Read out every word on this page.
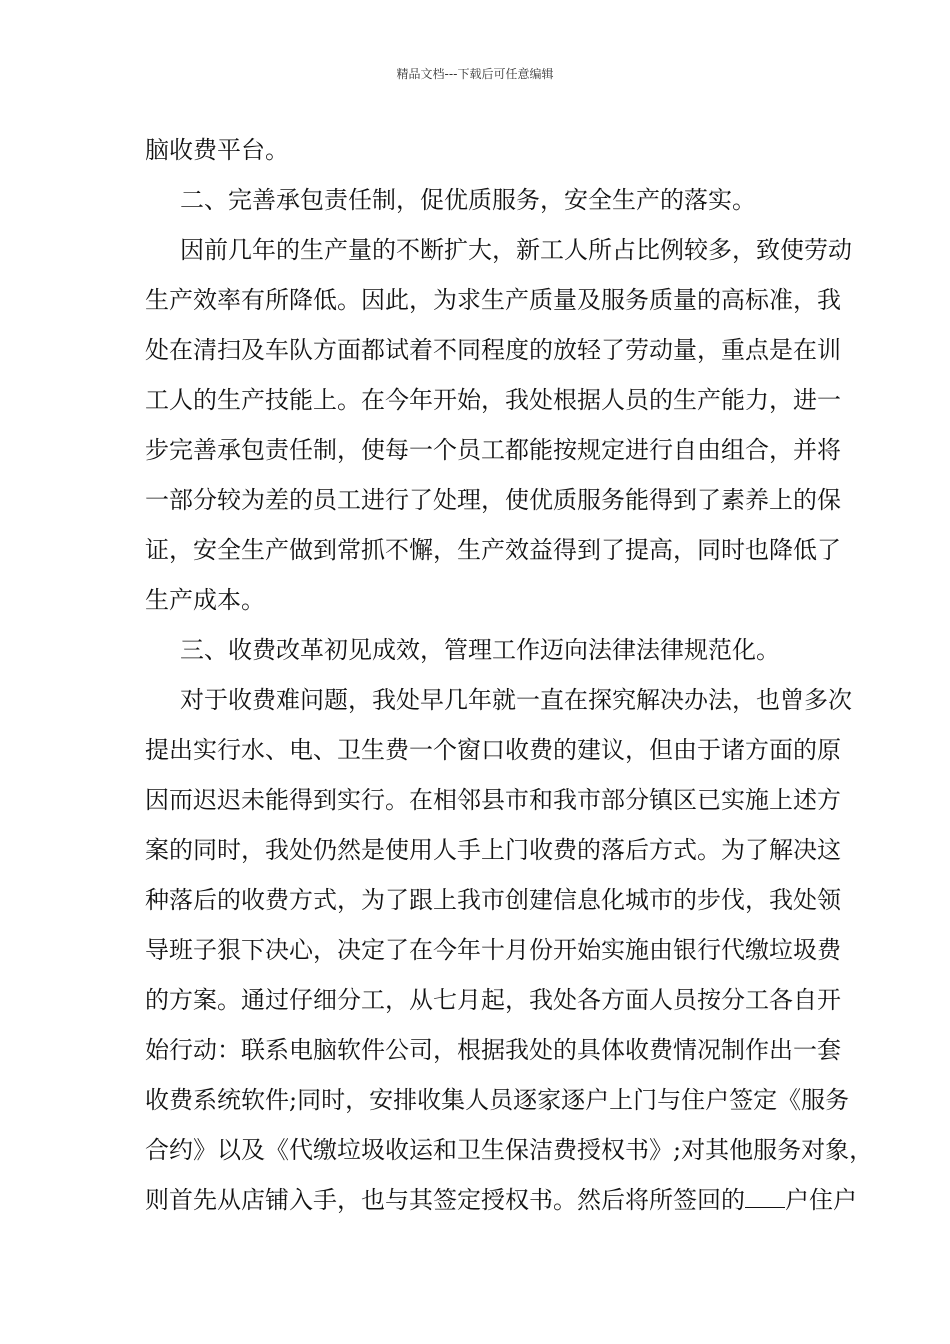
精品文档---下载后可任意编辑
脑收费平台。
二、完善承包责任制，促优质服务，安全生产的落实。
因前几年的生产量的不断扩大，新工人所占比例较多，致使劳动
生产效率有所降低。因此，为求生产质量及服务质量的高标准，我
处在清扫及车队方面都试着不同程度的放轻了劳动量，重点是在训
工人的生产技能上。在今年开始，我处根据人员的生产能力，进一
步完善承包责任制，使每一个员工都能按规定进行自由组合，并将
一部分较为差的员工进行了处理，使优质服务能得到了素养上的保
证，安全生产做到常抓不懈，生产效益得到了提高，同时也降低了
生产成本。
三、收费改革初见成效，管理工作迈向法律法律规范化。
对于收费难问题，我处早几年就一直在探究解决办法，也曾多次
提出实行水、电、卫生费一个窗口收费的建议，但由于诸方面的原
因而迟迟未能得到实行。在相邻县市和我市部分镇区已实施上述方
案的同时，我处仍然是使用人手上门收费的落后方式。为了解决这
种落后的收费方式，为了跟上我市创建信息化城市的步伐，我处领
导班子狠下决心，决定了在今年十月份开始实施由银行代缴垃圾费
的方案。通过仔细分工，从七月起，我处各方面人员按分工各自开
始行动：联系电脑软件公司，根据我处的具体收费情况制作出一套
收费系统软件;同时，安排收集人员逐家逐户上门与住户签定《服务
合约》以及《代缴垃圾收运和卫生保洁费授权书》;对其他服务对象，
则首先从店铺入手，也与其签定授权书。然后将所签回的 户住户
